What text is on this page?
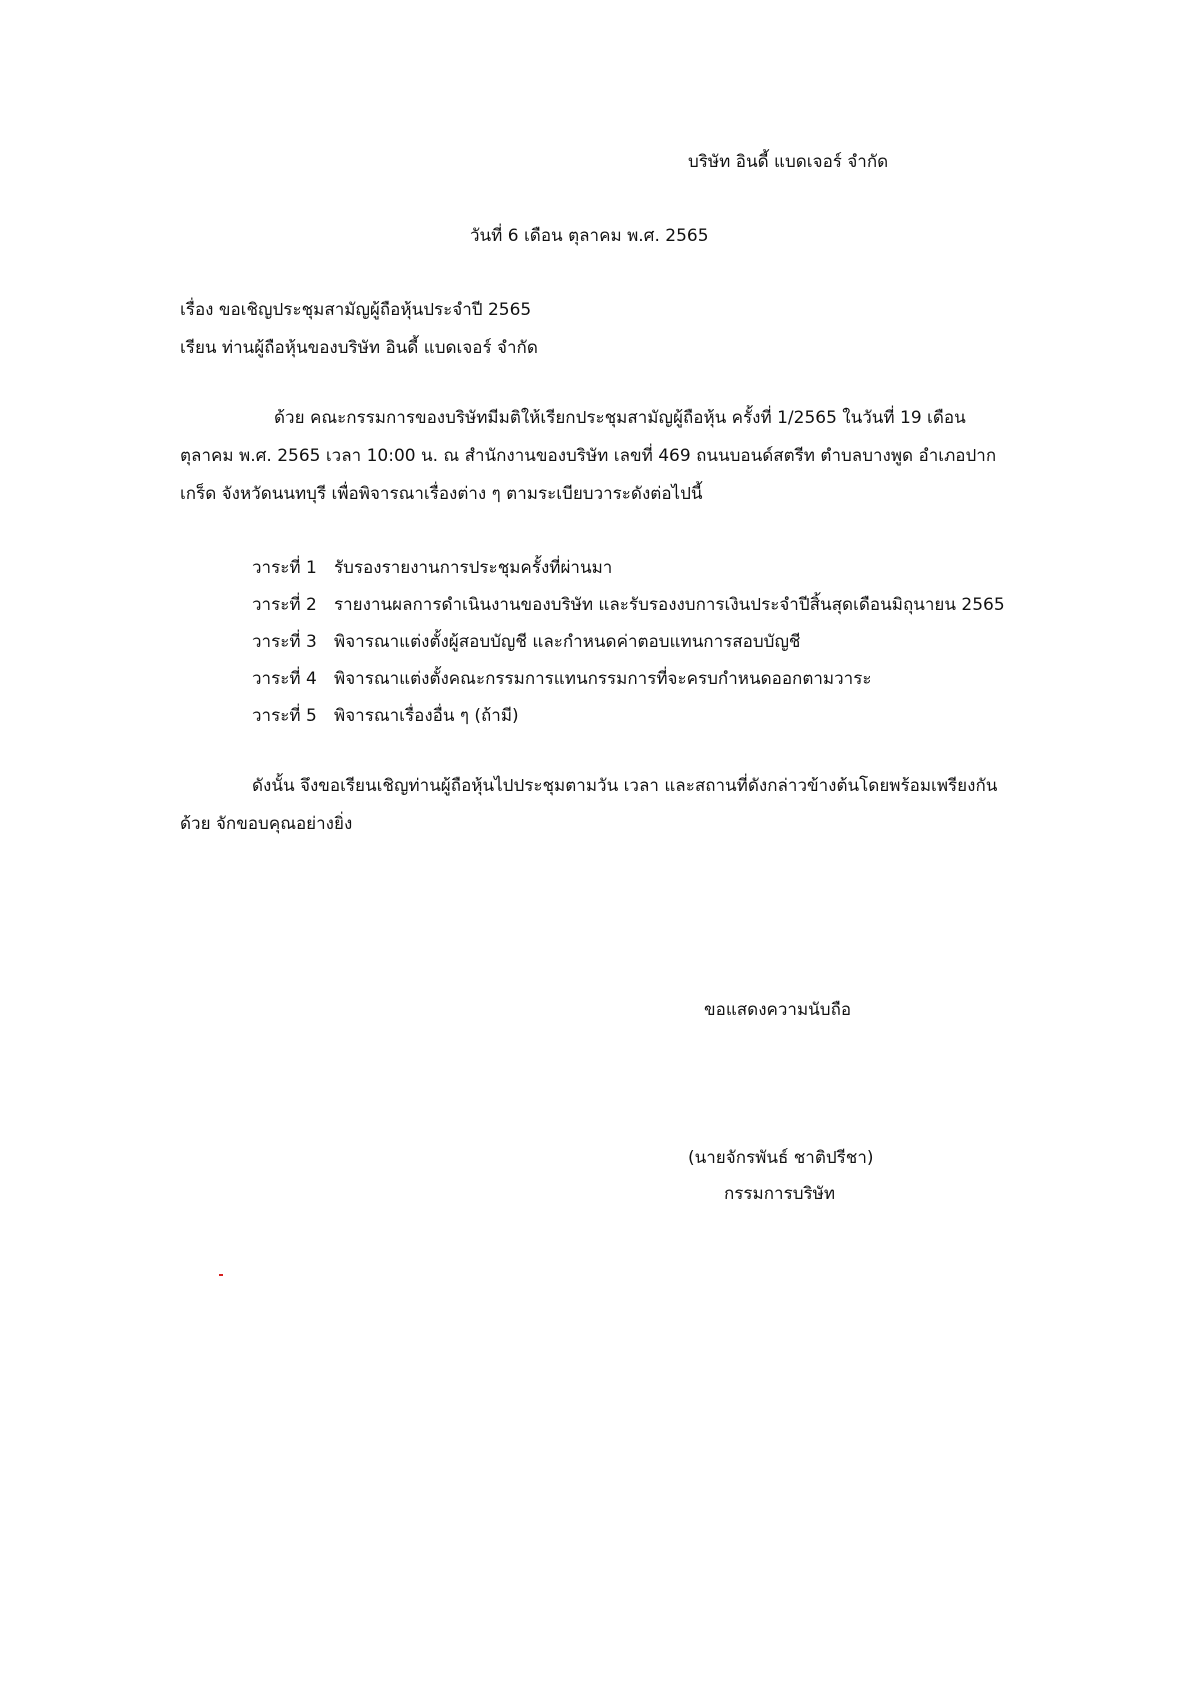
บริษัท อินดี้ แบดเจอร์ จำกัด
วันที่ 6 เดือน ตุลาคม พ.ศ. 2565
เรื่อง ขอเชิญประชุมสามัญผู้ถือหุ้นประจำปี 2565
เรียน ท่านผู้ถือหุ้นของบริษัท อินดี้ แบดเจอร์ จำกัด
ด้วย คณะกรรมการของบริษัทมีมติให้เรียกประชุมสามัญผู้ถือหุ้น ครั้งที่ 1/2565 ในวันที่ 19 เดือน
ตุลาคม พ.ศ. 2565 เวลา 10:00 น. ณ สำนักงานของบริษัท เลขที่ 469 ถนนบอนด์สตรีท ตำบลบางพูด อำเภอปาก
เกร็ด จังหวัดนนทบุรี เพื่อพิจารณาเรื่องต่าง ๆ ตามระเบียบวาระดังต่อไปนี้
วาระที่ 1 รับรองรายงานการประชุมครั้งที่ผ่านมา
วาระที่ 2 รายงานผลการดำเนินงานของบริษัท และรับรองงบการเงินประจำปีสิ้นสุดเดือนมิถุนายน 2565
วาระที่ 3 พิจารณาแต่งตั้งผู้สอบบัญชี และกำหนดค่าตอบแทนการสอบบัญชี
วาระที่ 4 พิจารณาแต่งตั้งคณะกรรมการแทนกรรมการที่จะครบกำหนดออกตามวาระ
วาระที่ 5 พิจารณาเรื่องอื่น ๆ (ถ้ามี)
ดังนั้น จึงขอเรียนเชิญท่านผู้ถือหุ้นไปประชุมตามวัน เวลา และสถานที่ดังกล่าวข้างต้นโดยพร้อมเพรียงกัน
ด้วย จักขอบคุณอย่างยิ่ง
ขอแสดงความนับถือ
(นายจักรพันธ์ ชาติปรีชา)
กรรมการบริษัท
